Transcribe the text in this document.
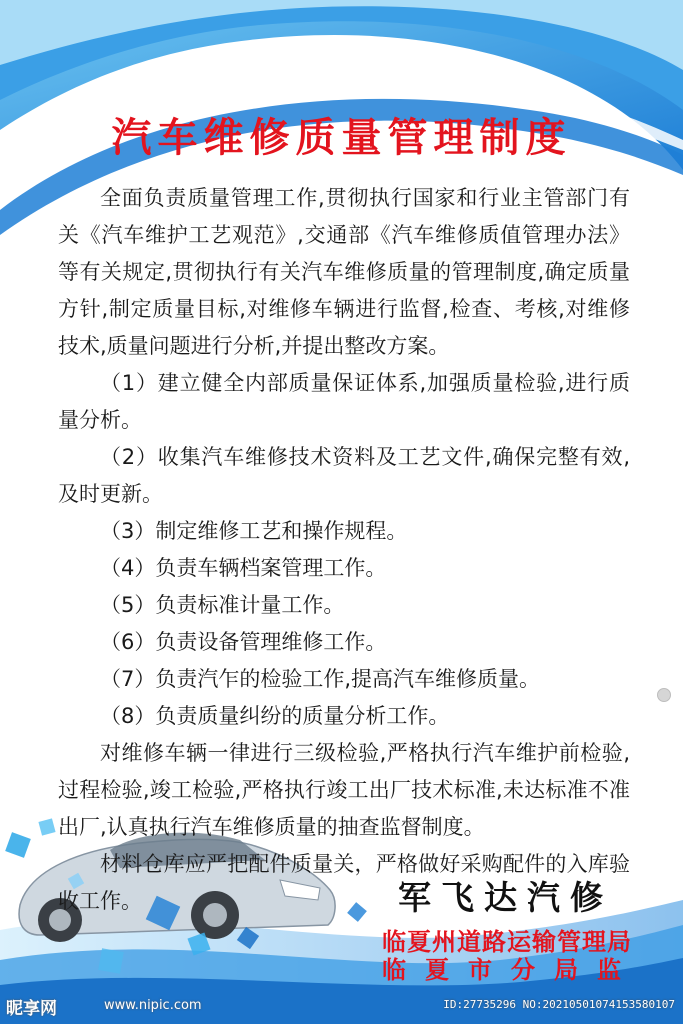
汽车维修质量管理制度

全面负责质量管理工作,贯彻执行国家和行业主管部门有关《汽车维护工艺观范》,交通部《汽车维修质值管理办法》等有关规定,贯彻执行有关汽车维修质量的管理制度,确定质量方针,制定质量目标,对维修车辆进行监督,检查、考核,对维修技术,质量问题进行分析,并提出整改方案。

（1）建立健全内部质量保证体系,加强质量检验,进行质量分析。

（2）收集汽车维修技术资料及工艺文件,确保完整有效,及时更新。

（3）制定维修工艺和操作规程。

（4）负责车辆档案管理工作。

（5）负责标准计量工作。

（6）负责设备管理维修工作。

（7）负责汽乍的检验工作,提高汽车维修质量。

（8）负责质量纠纷的质量分析工作。

对维修车辆一律进行三级检验,严格执行汽车维护前检验,过程检验,竣工检验,严格执行竣工出厂技术标准,未达标准不准出厂,认真执行汽车维修质量的抽查监督制度。

材料仓库应严把配件质量关，严格做好采购配件的入库验收工作。	军飞达汽修
临夏州道路运输管理局
临夏市分局监
昵享网	www.nipic.com	ID:27735296 NO:20210501074153580107
